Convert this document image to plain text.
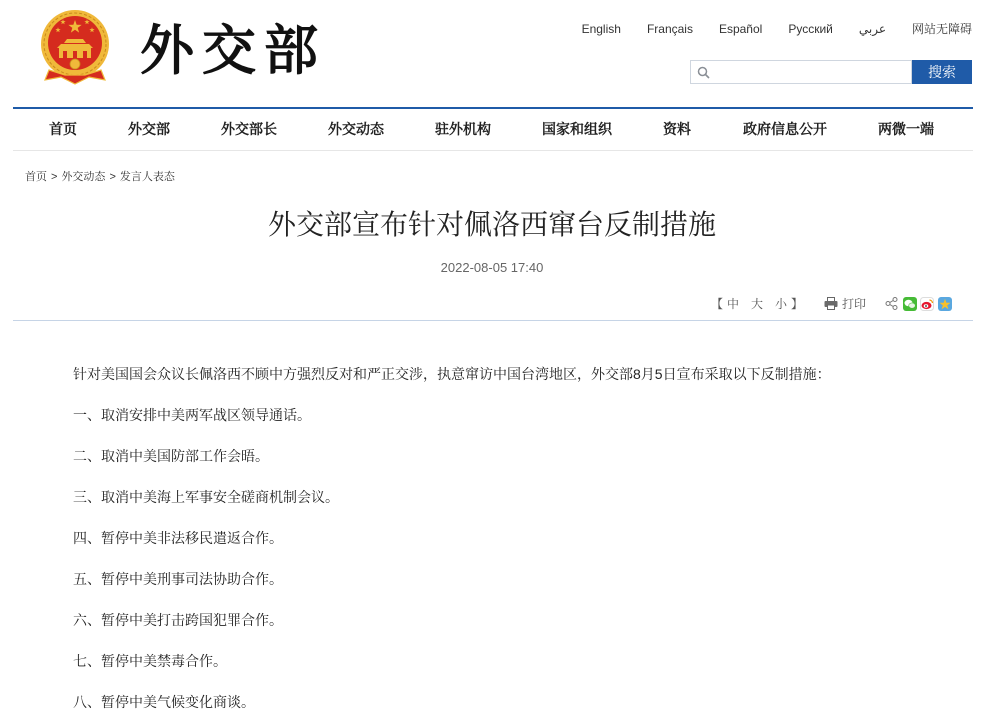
外交部	English Français Español Русский عربي 网站无障碍
搜索
首页	外交部	外交部长	外交动态	驻外机构	国家和组织	资料	政府信息公开	两微一端
首页 > 外交动态 > 发言人表态
外交部宣布针对佩洛西窜台反制措施
2022-08-05 17:40
【 中 大 小 】	打印

针对美国国会众议长佩洛西不顾中方强烈反对和严正交涉，执意窜访中国台湾地区，外交部8月5日宣布采取以下反制措施：

一、取消安排中美两军战区领导通话。

二、取消中美国防部工作会晤。

三、取消中美海上军事安全磋商机制会议。

四、暂停中美非法移民遣返合作。

五、暂停中美刑事司法协助合作。

六、暂停中美打击跨国犯罪合作。

七、暂停中美禁毒合作。

八、暂停中美气候变化商谈。
